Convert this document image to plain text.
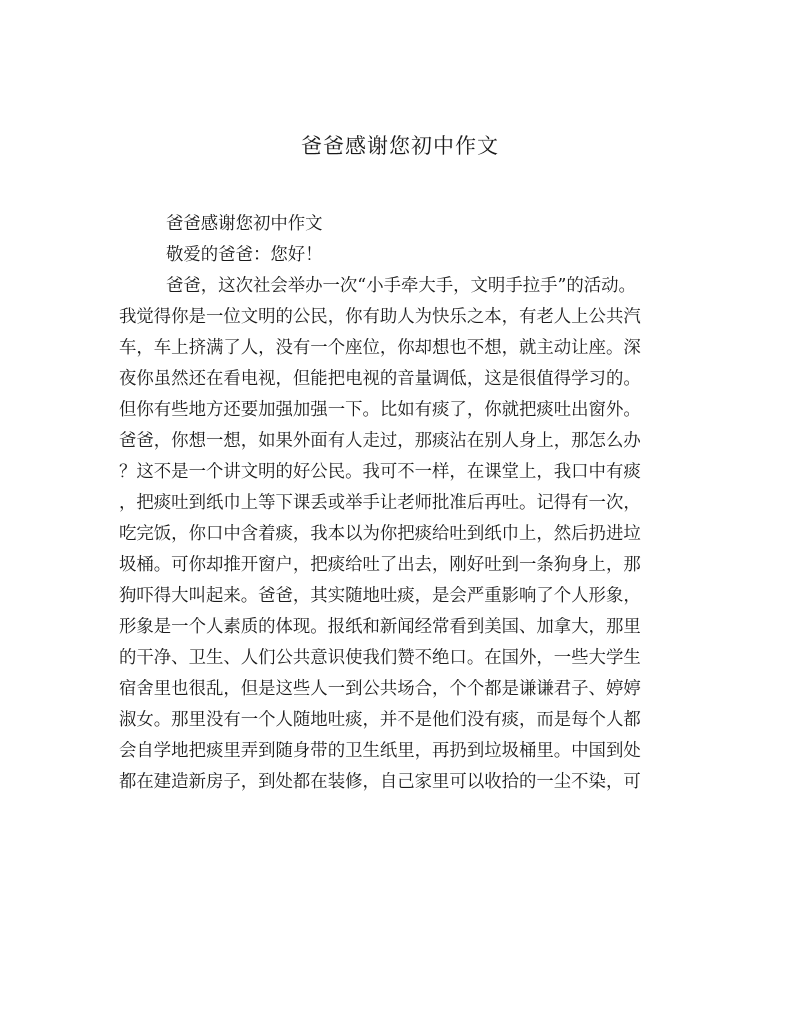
爸爸感谢您初中作文
爸爸感谢您初中作文
敬爱的爸爸：您好！
爸爸，这次社会举办一次“小手牵大手，文明手拉手”的活动。
我觉得你是一位文明的公民，你有助人为快乐之本，有老人上公共汽
车，车上挤满了人，没有一个座位，你却想也不想，就主动让座。深
夜你虽然还在看电视，但能把电视的音量调低，这是很值得学习的。
但你有些地方还要加强加强一下。比如有痰了，你就把痰吐出窗外。
爸爸，你想一想，如果外面有人走过，那痰沾在别人身上，那怎么办
？这不是一个讲文明的好公民。我可不一样，在课堂上，我口中有痰
，把痰吐到纸巾上等下课丢或举手让老师批准后再吐。记得有一次，
吃完饭，你口中含着痰，我本以为你把痰给吐到纸巾上，然后扔进垃
圾桶。可你却推开窗户，把痰给吐了出去，刚好吐到一条狗身上，那
狗吓得大叫起来。爸爸，其实随地吐痰，是会严重影响了个人形象，
形象是一个人素质的体现。报纸和新闻经常看到美国、加拿大，那里
的干净、卫生、人们公共意识使我们赞不绝口。在国外，一些大学生
宿舍里也很乱，但是这些人一到公共场合，个个都是谦谦君子、婷婷
淑女。那里没有一个人随地吐痰，并不是他们没有痰，而是每个人都
会自学地把痰里弄到随身带的卫生纸里，再扔到垃圾桶里。中国到处
都在建造新房子，到处都在装修，自己家里可以收拾的一尘不染，可
